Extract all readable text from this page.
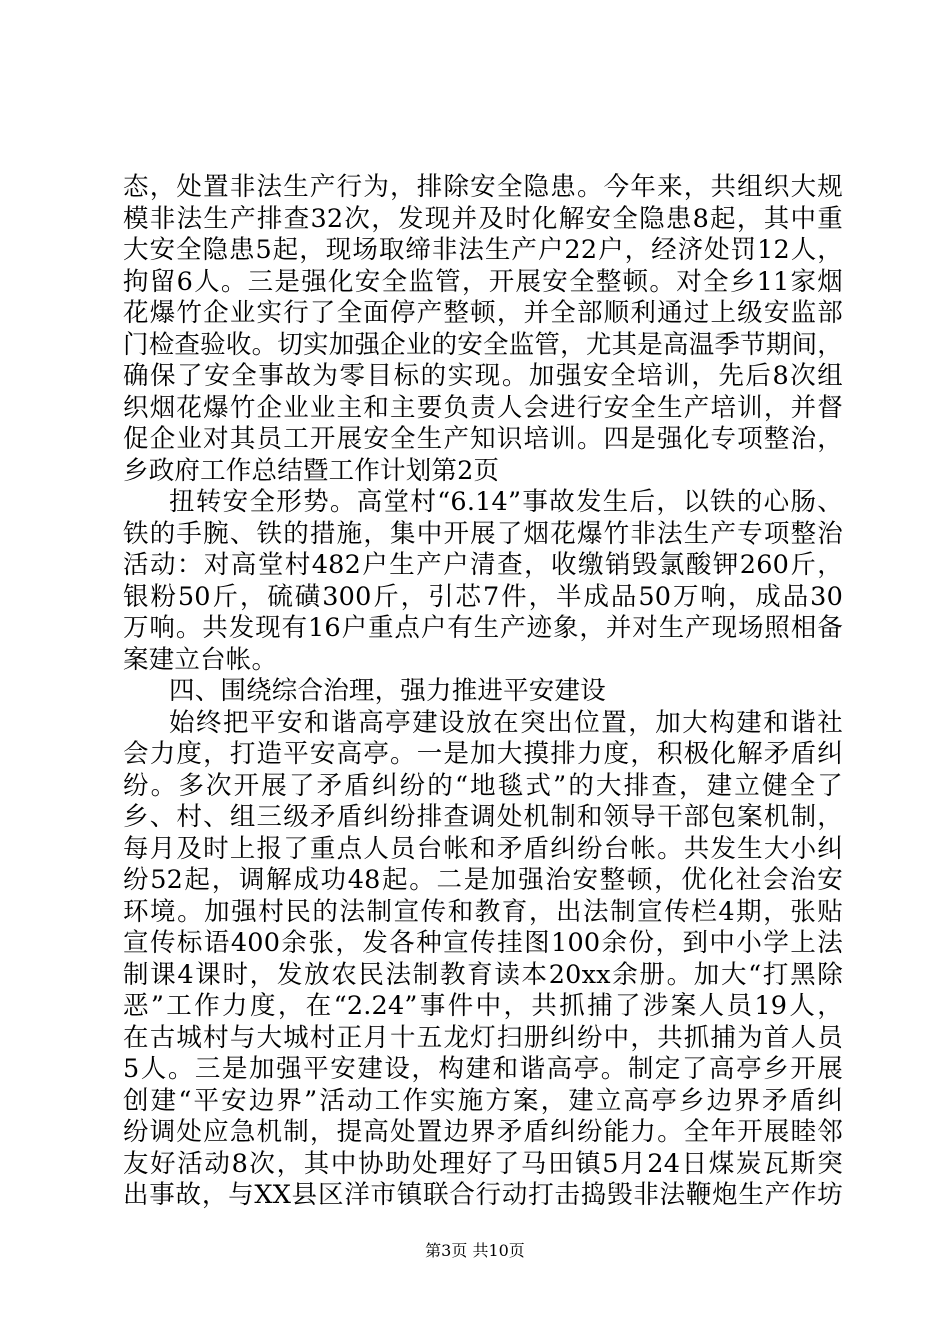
态，处置非法生产行为，排除安全隐患。今年来，共组织大规
模非法生产排查32次，发现并及时化解安全隐患8起，其中重
大安全隐患5起，现场取缔非法生产户22户，经济处罚12人，
拘留6人。三是强化安全监管，开展安全整顿。对全乡11家烟
花爆竹企业实行了全面停产整顿，并全部顺利通过上级安监部
门检查验收。切实加强企业的安全监管，尤其是高温季节期间，
确保了安全事故为零目标的实现。加强安全培训，先后8次组
织烟花爆竹企业业主和主要负责人会进行安全生产培训，并督
促企业对其员工开展安全生产知识培训。四是强化专项整治，
乡政府工作总结暨工作计划第2页
扭转安全形势。高堂村“6.14”事故发生后，以铁的心肠、
铁的手腕、铁的措施，集中开展了烟花爆竹非法生产专项整治
活动：对高堂村482户生产户清查，收缴销毁氯酸钾260斤，
银粉50斤，硫磺300斤，引芯7件，半成品50万响，成品30
万响。共发现有16户重点户有生产迹象，并对生产现场照相备
案建立台帐。
四、围绕综合治理，强力推进平安建设
始终把平安和谐高亭建设放在突出位置，加大构建和谐社
会力度，打造平安高亭。一是加大摸排力度，积极化解矛盾纠
纷。多次开展了矛盾纠纷的“地毯式”的大排查，建立健全了
乡、村、组三级矛盾纠纷排查调处机制和领导干部包案机制，
每月及时上报了重点人员台帐和矛盾纠纷台帐。共发生大小纠
纷52起，调解成功48起。二是加强治安整顿，优化社会治安
环境。加强村民的法制宣传和教育，出法制宣传栏4期，张贴
宣传标语400余张，发各种宣传挂图100余份，到中小学上法
制课4课时，发放农民法制教育读本20xx余册。加大“打黑除
恶”工作力度，在“2.24”事件中，共抓捕了涉案人员19人，
在古城村与大城村正月十五龙灯扫册纠纷中，共抓捕为首人员
5人。三是加强平安建设，构建和谐高亭。制定了高亭乡开展
创建“平安边界”活动工作实施方案，建立高亭乡边界矛盾纠
纷调处应急机制，提高处置边界矛盾纠纷能力。全年开展睦邻
友好活动8次，其中协助处理好了马田镇5月24日煤炭瓦斯突
出事故，与XX县区洋市镇联合行动打击捣毁非法鞭炮生产作坊
第3页 共10页
